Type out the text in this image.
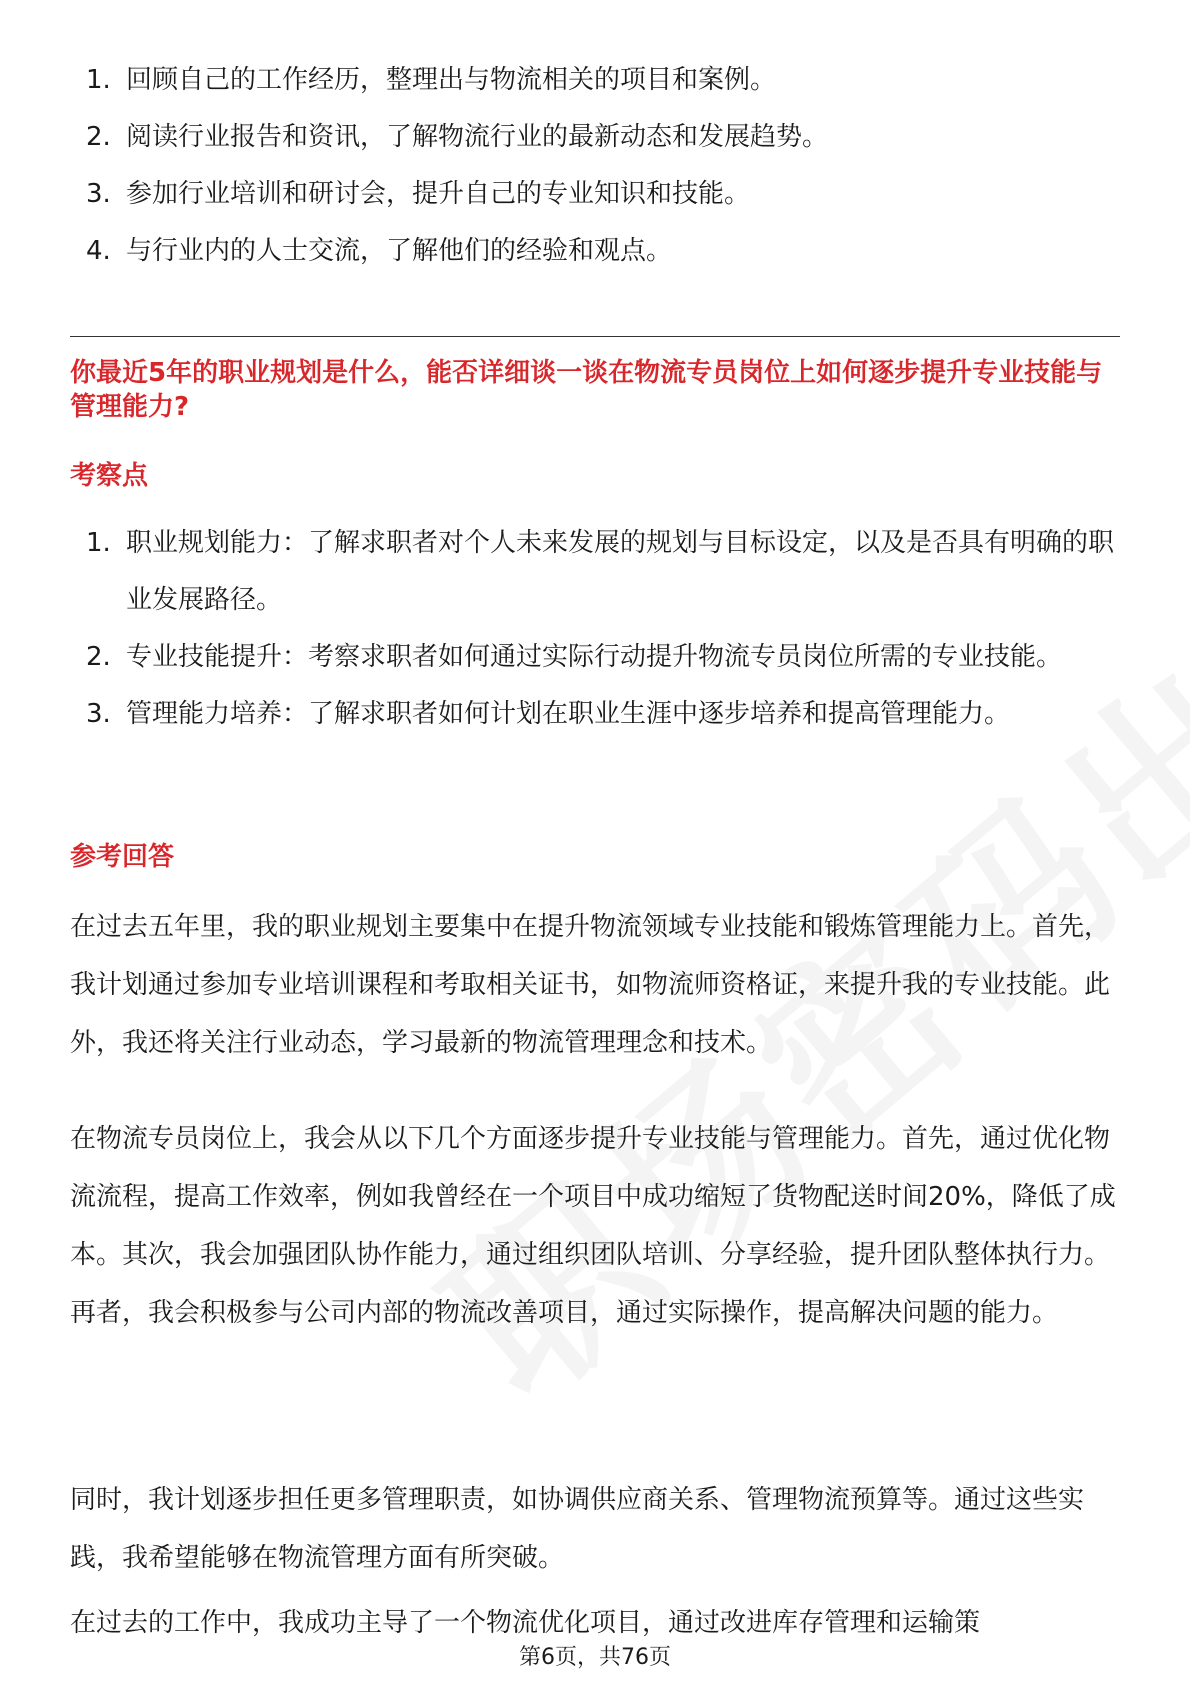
1. 回顾自己的工作经历，整理出与物流相关的项目和案例。
2. 阅读行业报告和资讯，了解物流行业的最新动态和发展趋势。
3. 参加行业培训和研讨会，提升自己的专业知识和技能。
4. 与行业内的人士交流，了解他们的经验和观点。
你最近5年的职业规划是什么，能否详细谈一谈在物流专员岗位上如何逐步提升专业技能与管理能力?
考察点
1. 职业规划能力：了解求职者对个人未来发展的规划与目标设定，以及是否具有明确的职业发展路径。
2. 专业技能提升：考察求职者如何通过实际行动提升物流专员岗位所需的专业技能。
3. 管理能力培养：了解求职者如何计划在职业生涯中逐步培养和提高管理能力。
参考回答

在过去五年里，我的职业规划主要集中在提升物流领域专业技能和锻炼管理能力上。首先，我计划通过参加专业培训课程和考取相关证书，如物流师资格证，来提升我的专业技能。此外，我还将关注行业动态，学习最新的物流管理理念和技术。

在物流专员岗位上，我会从以下几个方面逐步提升专业技能与管理能力。首先，通过优化物流流程，提高工作效率，例如我曾经在一个项目中成功缩短了货物配送时间20%，降低了成本。其次，我会加强团队协作能力，通过组织团队培训、分享经验，提升团队整体执行力。再者，我会积极参与公司内部的物流改善项目，通过实际操作，提高解决问题的能力。

同时，我计划逐步担任更多管理职责，如协调供应商关系、管理物流预算等。通过这些实践，我希望能够在物流管理方面有所突破。

在过去的工作中，我成功主导了一个物流优化项目，通过改进库存管理和运输策

第6页，共76页
